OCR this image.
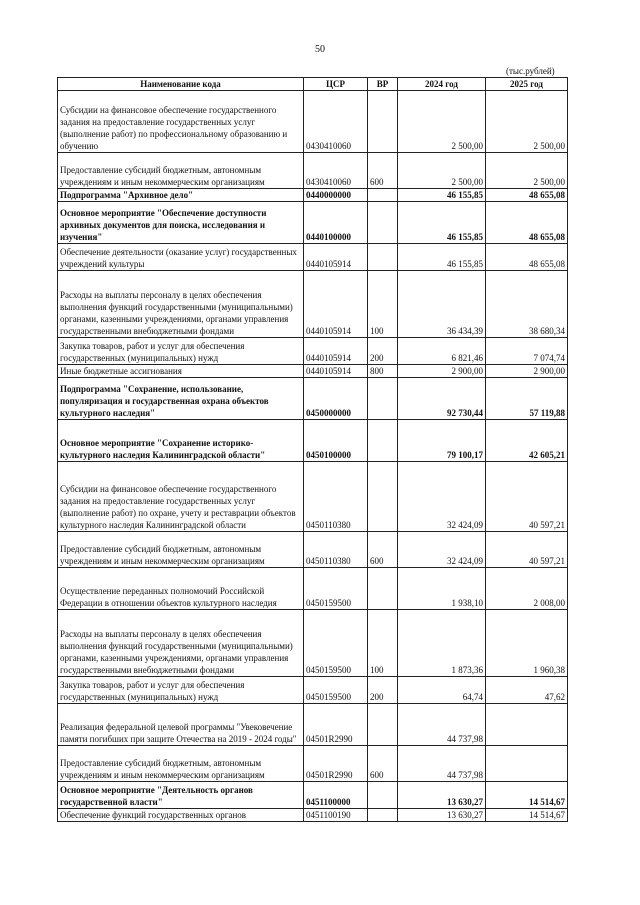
50
(тыс.рублей)
Наименование кода	ЦСР	ВР	2024 год	2025 год
Субсидии на финансовое обеспечение государственного задания на предоставление государственных услуг (выполнение работ) по профессиональному образованию и обучению	0430410060		2 500,00	2 500,00
Предоставление субсидий бюджетным, автономным учреждениям и иным некоммерческим организациям	0430410060	600	2 500,00	2 500,00
Подпрограмма "Архивное дело"	0440000000		46 155,85	48 655,08
Основное мероприятие "Обеспечение доступности архивных документов для поиска, исследования и изучения"	0440100000		46 155,85	48 655,08
Обеспечение деятельности (оказание услуг) государственных учреждений культуры	0440105914		46 155,85	48 655,08
Расходы на выплаты персоналу в целях обеспечения выполнения функций государственными (муниципальными) органами, казенными учреждениями, органами управления государственными внебюджетными фондами	0440105914	100	36 434,39	38 680,34
Закупка товаров, работ и услуг для обеспечения государственных (муниципальных) нужд	0440105914	200	6 821,46	7 074,74
Иные бюджетные ассигнования	0440105914	800	2 900,00	2 900,00
Подпрограмма "Сохранение, использование, популяризация и государственная охрана объектов культурного наследия"	0450000000		92 730,44	57 119,88
Основное мероприятие "Сохранение историко-культурного наследия Калининградской области"	0450100000		79 100,17	42 605,21
Субсидии на финансовое обеспечение государственного задания на предоставление государственных услуг (выполнение работ) по охране, учету и реставрации объектов культурного наследия Калининградской области	0450110380		32 424,09	40 597,21
Предоставление субсидий бюджетным, автономным учреждениям и иным некоммерческим организациям	0450110380	600	32 424,09	40 597,21
Осуществление переданных полномочий Российской Федерации в отношении объектов культурного наследия	0450159500		1 938,10	2 008,00
Расходы на выплаты персоналу в целях обеспечения выполнения функций государственными (муниципальными) органами, казенными учреждениями, органами управления государственными внебюджетными фондами	0450159500	100	1 873,36	1 960,38
Закупка товаров, работ и услуг для обеспечения государственных (муниципальных) нужд	0450159500	200	64,74	47,62
Реализация федеральной целевой программы "Увековечение памяти погибших при защите Отечества на 2019 - 2024 годы"	04501R2990		44 737,98	
Предоставление субсидий бюджетным, автономным учреждениям и иным некоммерческим организациям	04501R2990	600	44 737,98	
Основное мероприятие "Деятельность органов государственной власти"	0451100000		13 630,27	14 514,67
Обеспечение функций государственных органов	0451100190		13 630,27	14 514,67
